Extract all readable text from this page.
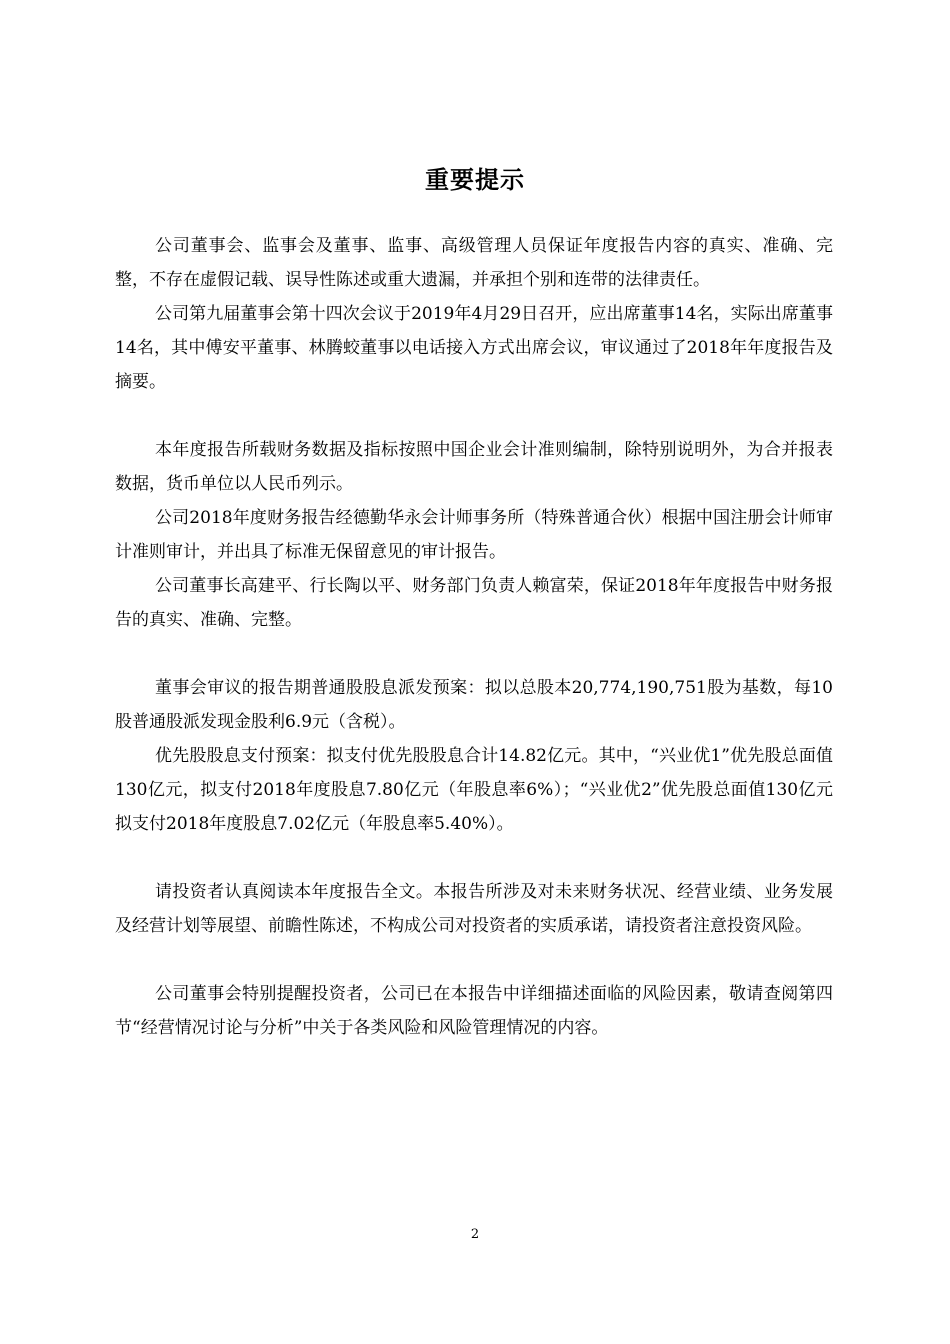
重要提示

公司董事会、监事会及董事、监事、高级管理人员保证年度报告内容的真实、准确、完整，不存在虚假记载、误导性陈述或重大遗漏，并承担个别和连带的法律责任。

公司第九届董事会第十四次会议于2019年4月29日召开，应出席董事14名，实际出席董事14名，其中傅安平董事、林腾蛟董事以电话接入方式出席会议，审议通过了2018年年度报告及摘要。

本年度报告所载财务数据及指标按照中国企业会计准则编制，除特别说明外，为合并报表数据，货币单位以人民币列示。

公司2018年度财务报告经德勤华永会计师事务所（特殊普通合伙）根据中国注册会计师审计准则审计，并出具了标准无保留意见的审计报告。

公司董事长高建平、行长陶以平、财务部门负责人赖富荣，保证2018年年度报告中财务报告的真实、准确、完整。

董事会审议的报告期普通股股息派发预案：拟以总股本20,774,190,751股为基数，每10股普通股派发现金股利6.9元（含税）。

优先股股息支付预案：拟支付优先股股息合计14.82亿元。其中，“兴业优1”优先股总面值130亿元，拟支付2018年度股息7.80亿元（年股息率6%）；“兴业优2”优先股总面值130亿元拟支付2018年度股息7.02亿元（年股息率5.40%）。

请投资者认真阅读本年度报告全文。本报告所涉及对未来财务状况、经营业绩、业务发展及经营计划等展望、前瞻性陈述，不构成公司对投资者的实质承诺，请投资者注意投资风险。

公司董事会特别提醒投资者，公司已在本报告中详细描述面临的风险因素，敬请查阅第四节“经营情况讨论与分析”中关于各类风险和风险管理情况的内容。

2
